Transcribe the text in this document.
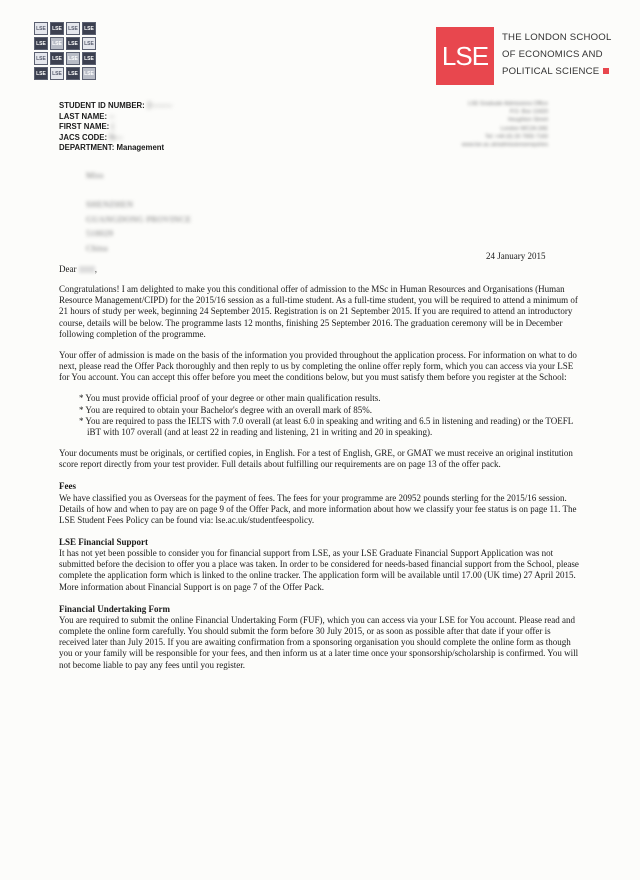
LSE	LSE	LSE	LSE
LSE	LSE	LSE	LSE
LSE	LSE	LSE	LSE
LSE	LSE	LSE	LSE
LSE
THE LONDON SCHOOL
OF ECONOMICS AND
POLITICAL SCIENCE
STUDENT ID NUMBER: 2--------
LAST NAME: --
FIRST NAME: (
JACS CODE: N---
DEPARTMENT: Management
LSE Graduate Admissions Office
P.O. Box 13420
Houghton Street
London WC2A 2AE
Tel: +44 (0) 20 7955 7160
www.lse.ac.uk/admissionsenquiries
Miss

SHENZHEN
GUANGDONG PROVINCE
518029
China
24 January 2015

Dear ,

Congratulations! I am delighted to make you this conditional offer of admission to the MSc in Human Resources and Organisations (Human Resource Management/CIPD) for the 2015/16 session as a full-time student. As a full-time student, you will be required to attend a minimum of 21 hours of study per week, beginning 24 September 2015. Registration is on 21 September 2015. If you are required to attend an introductory course, details will be below. The programme lasts 12 months, finishing 25 September 2016. The graduation ceremony will be in December following completion of the programme.

Your offer of admission is made on the basis of the information you provided throughout the application process. For information on what to do next, please read the Offer Pack thoroughly and then reply to us by completing the online offer reply form, which you can access via your LSE for You account. You can accept this offer before you meet the conditions below, but you must satisfy them before you register at the School:

* You must provide official proof of your degree or other main qualification results.
* You are required to obtain your Bachelor's degree with an overall mark of 85%.
* You are required to pass the IELTS with 7.0 overall (at least 6.0 in speaking and writing and 6.5 in listening and reading) or the TOEFL iBT with 107 overall (and at least 22 in reading and listening, 21 in writing and 20 in speaking).

Your documents must be originals, or certified copies, in English. For a test of English, GRE, or GMAT we must receive an original institution score report directly from your test provider. Full details about fulfilling our requirements are on page 13 of the offer pack.

Fees

We have classified you as Overseas for the payment of fees. The fees for your programme are 20952 pounds sterling for the 2015/16 session. Details of how and when to pay are on page 9 of the Offer Pack, and more information about how we classify your fee status is on page 11. The LSE Student Fees Policy can be found via: lse.ac.uk/studentfeespolicy.

LSE Financial Support

It has not yet been possible to consider you for financial support from LSE, as your LSE Graduate Financial Support Application was not submitted before the decision to offer you a place was taken. In order to be considered for needs-based financial support from the School, please complete the application form which is linked to the online tracker. The application form will be available until 17.00 (UK time) 27 April 2015. More information about Financial Support is on page 7 of the Offer Pack.

Financial Undertaking Form

You are required to submit the online Financial Undertaking Form (FUF), which you can access via your LSE for You account. Please read and complete the online form carefully. You should submit the form before 30 July 2015, or as soon as possible after that date if your offer is received later than July 2015. If you are awaiting confirmation from a sponsoring organisation you should complete the online form as though you or your family will be responsible for your fees, and then inform us at a later time once your sponsorship/scholarship is confirmed. You will not become liable to pay any fees until you register.
